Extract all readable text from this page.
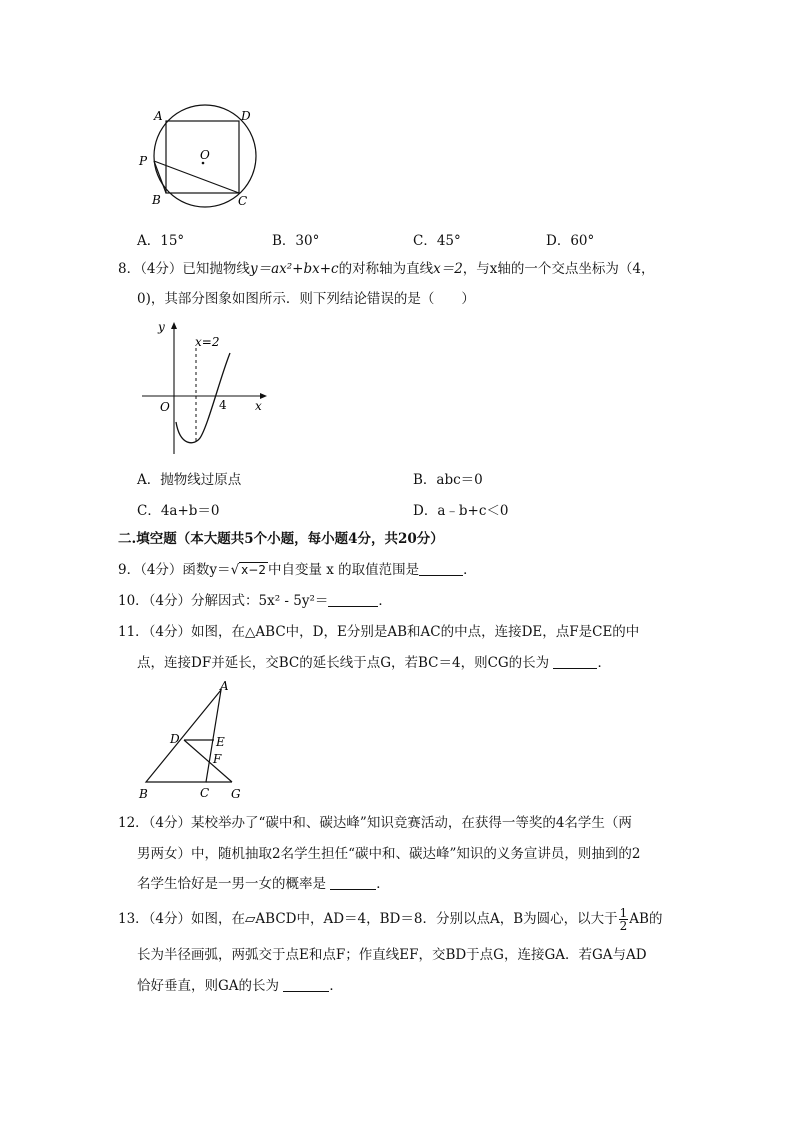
A	D
O
P
B	C
A．15°	B．30°	C．45°	D．60°
8．（4分）已知抛物线y＝ax²+bx+c的对称轴为直线x＝2，与x轴的一个交点坐标为（4，
0)，其部分图象如图所示．则下列结论错误的是（　　）
y
x=2
O	4 x
A．抛物线过原点	B．abc＝0
C．4a+b＝0	D．a﹣b+c＜0
二.填空题（本大题共5个小题，每小题4分，共20分）
9．（4分）函数y＝√ x−2 中自变量 x 的取值范围是	．
10．（4分）分解因式：5x² - 5y²＝	．
11．（4分）如图，在△ABC中，D，E分别是AB和AC的中点，连接DE，点F是CE的中
点，连接DF并延长，交BC的延长线于点G，若BC＝4，则CG的长为	．
A
D	E
F
B	C G
12．（4分）某校举办了“碳中和、碳达峰”知识竞赛活动，在获得一等奖的4名学生（两
男两女）中，随机抽取2名学生担任“碳中和、碳达峰”知识的义务宣讲员，则抽到的2
名学生恰好是一男一女的概率是	．
13．（4分）如图，在▱ABCD中，AD＝4，BD＝8．分别以点A，B为圆心，以大于 $\frac{1}{2}$ AB的
长为半径画弧，两弧交于点E和点F；作直线EF，交BD于点G，连接GA．若GA与AD
恰好垂直，则GA的长为	．
